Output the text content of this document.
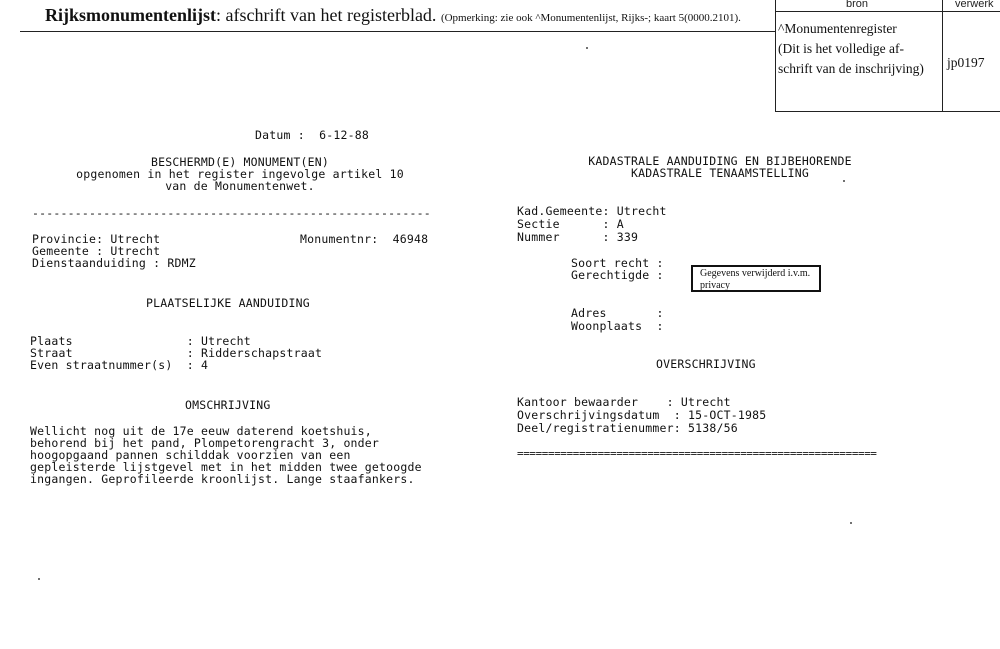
Rijksmonumentenlijst: afschrift van het registerblad. (Opmerking: zie ook ^Monumentenlijst, Rijks-; kaart 5(0000.2101).
bron	verwerk
^Monumentenregister
(Dit is het volledige af-
schrift van de inschrijving) jp0197
Datum :  6-12-88
BESCHERMD(E) MONUMENT(EN)
opgenomen in het register ingevolge artikel 10
van de Monumentenwet.
--------------------------------------------------------
Provincie: Utrecht	Monumentnr:  46948
Gemeente : Utrecht
Dienstaanduiding : RDMZ
PLAATSELIJKE AANDUIDING
Plaats                : Utrecht
Straat                : Ridderschapstraat
Even straatnummer(s)  : 4
OMSCHRIJVING
Wellicht nog uit de 17e eeuw daterend koetshuis,
behorend bij het pand, Plompetorengracht 3, onder
hoogopgaand pannen schilddak voorzien van een
gepleisterde lijstgevel met in het midden twee getoogde
ingangen. Geprofileerde kroonlijst. Lange staafankers.
KADASTRALE AANDUIDING EN BIJBEHORENDE
KADASTRALE TENAAMSTELLING
Kad.Gemeente: Utrecht
Sectie      : A
Nummer      : 339
Soort recht :
Gerechtigde :	Gegevens verwijderd i.v.m. privacy
Adres       :
Woonplaats  :
OVERSCHRIJVING
Kantoor bewaarder    : Utrecht
Overschrijvingsdatum  : 15-OCT-1985
Deel/registratienummer: 5138/56
==========================================================
